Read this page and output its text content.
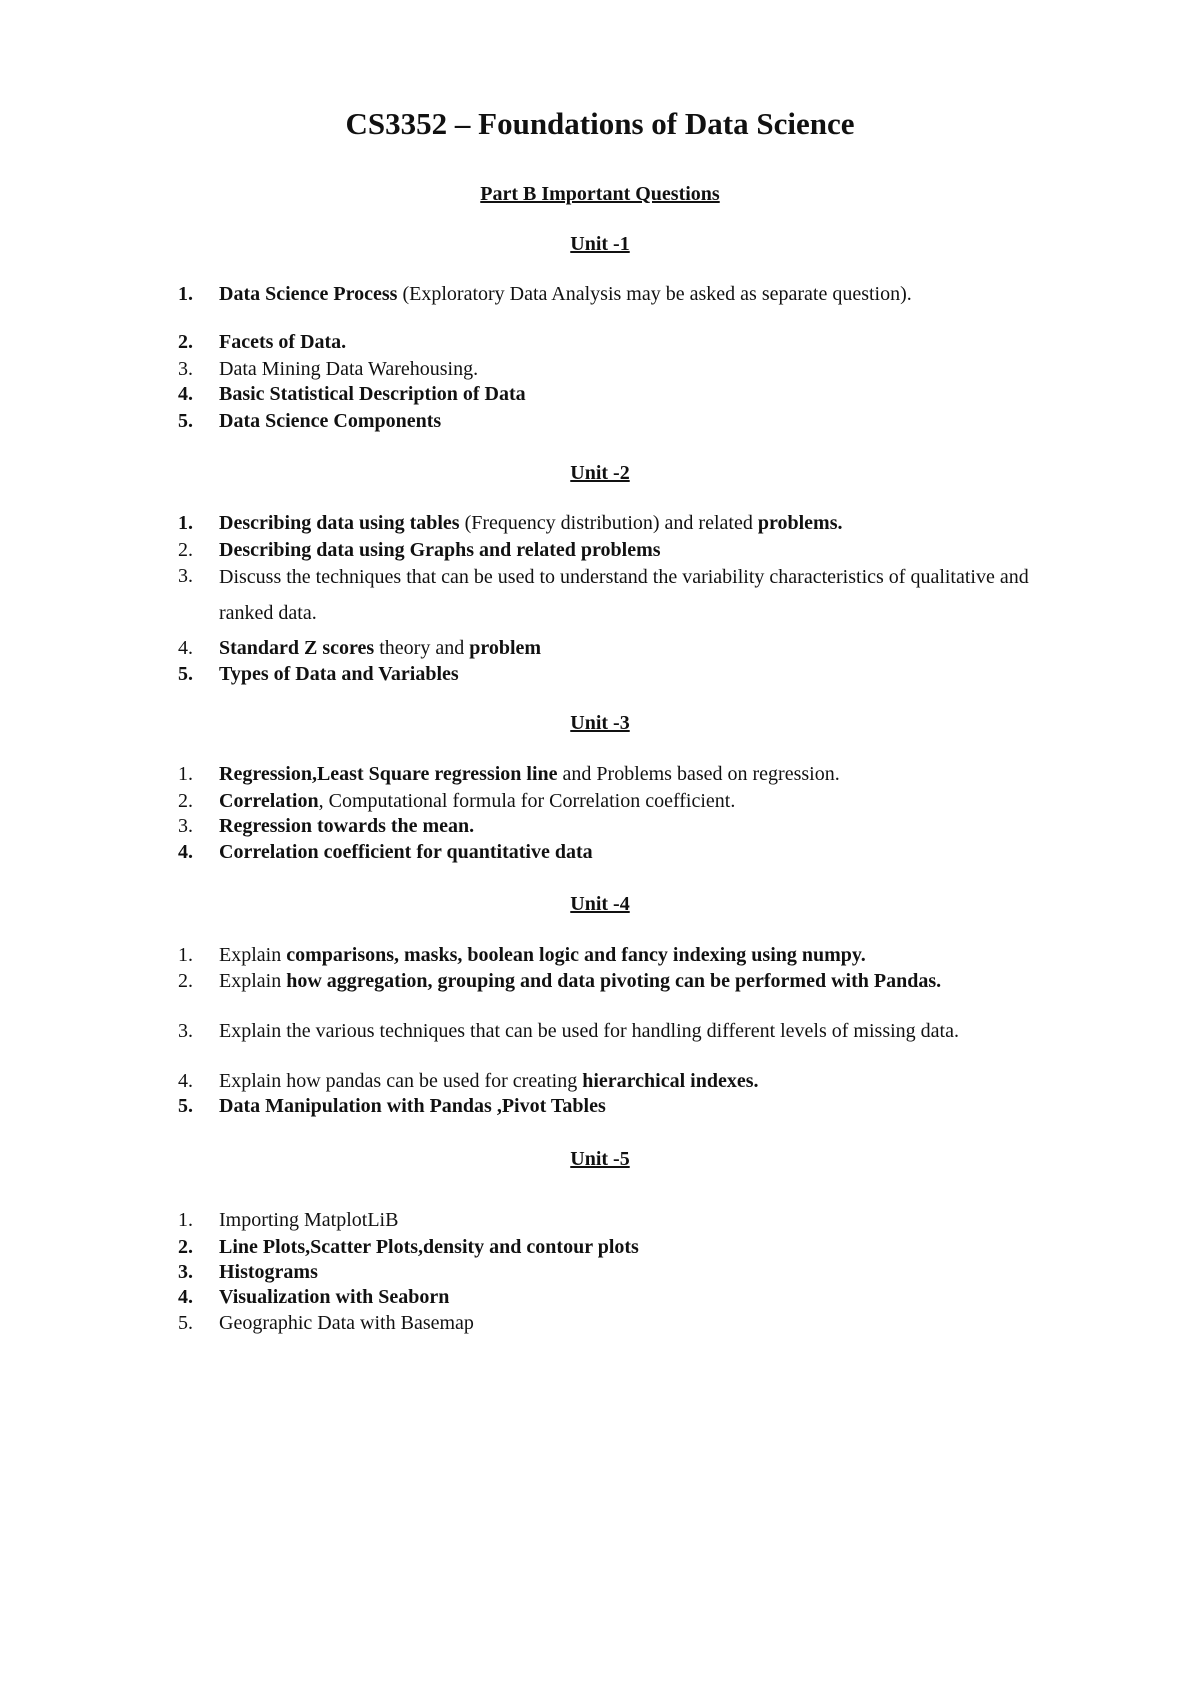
CS3352 – Foundations of Data Science
Part B Important Questions
Unit -1
1.	Data Science Process (Exploratory Data Analysis may be asked as separate question).
2.	Facets of Data.
3.	Data Mining Data Warehousing.
4.	Basic Statistical Description of Data
5.	Data Science Components
Unit -2
1.	Describing data using tables (Frequency distribution) and related problems.
2.	Describing data using Graphs and related problems
3.	Discuss the techniques that can be used to understand the variability characteristics of qualitative and ranked data.
4.	Standard Z scores theory and problem
5.	Types of Data and Variables
Unit -3
1.	Regression,Least Square regression line and Problems based on regression.
2.	Correlation, Computational formula for Correlation coefficient.
3.	Regression towards the mean.
4.	Correlation coefficient for quantitative data
Unit -4
1.	Explain comparisons, masks, boolean logic and fancy indexing using numpy.
2.	Explain how aggregation, grouping and data pivoting can be performed with Pandas.
3.	Explain the various techniques that can be used for handling different levels of missing data.
4.	Explain how pandas can be used for creating hierarchical indexes.
5.	Data Manipulation with Pandas ,Pivot Tables
Unit -5
1.	Importing MatplotLiB
2.	Line Plots,Scatter Plots,density and contour plots
3.	Histograms
4.	Visualization with Seaborn
5.	Geographic Data with Basemap
